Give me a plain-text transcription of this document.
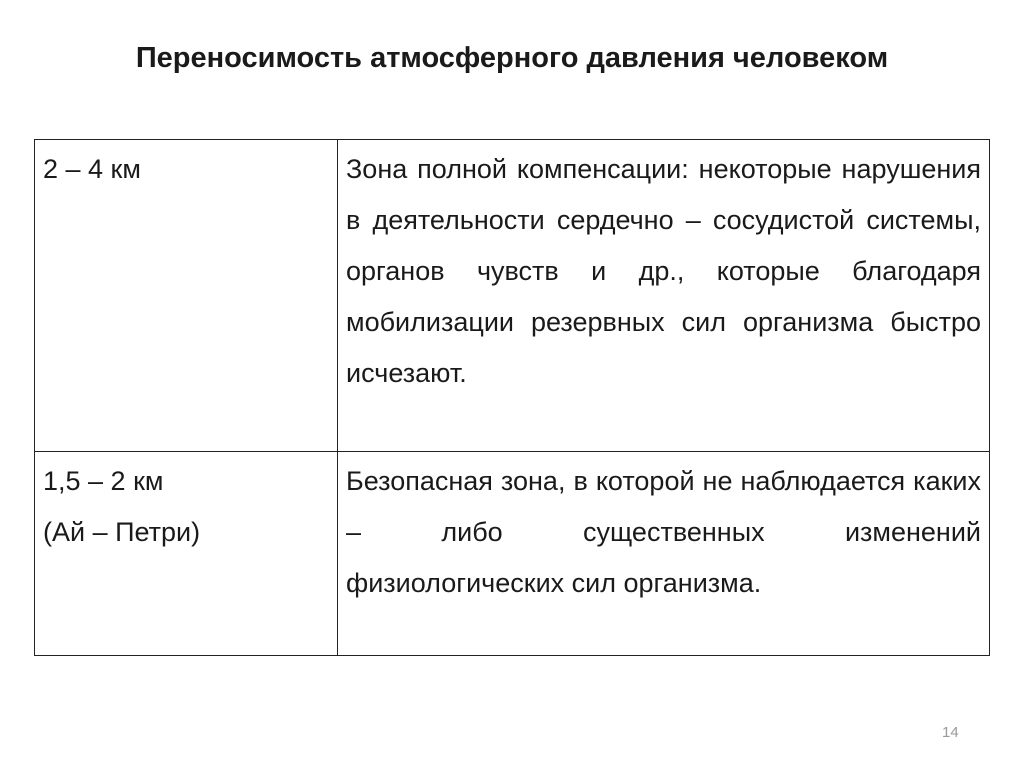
Переносимость атмосферного давления человеком
2 – 4 км	Зона полной компенсации: некоторые нарушения в деятельности сердечно – сосудистой системы, органов чувств и др., которые благодаря мобилизации резервных сил организма быстро исчезают.

1,5 – 2 км
(Ай – Петри)	Безопасная зона, в которой не наблюдается каких – либо существенных изменений физиологических сил организма.
14
